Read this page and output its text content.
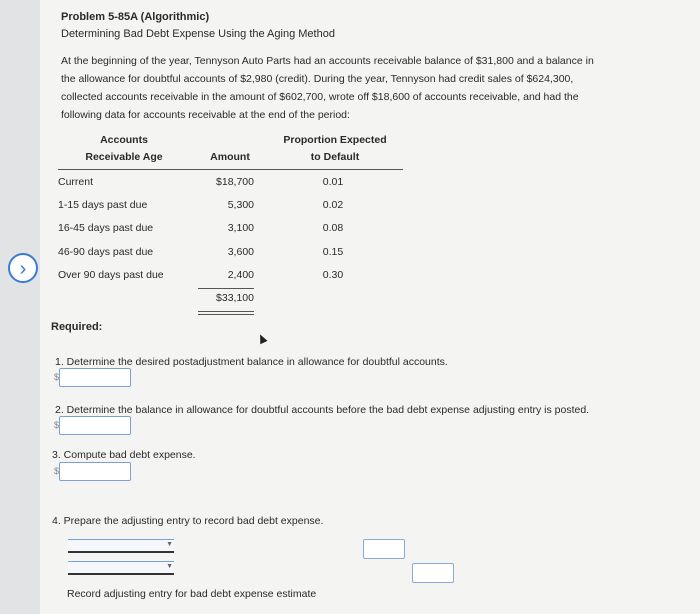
›
Problem 5-85A (Algorithmic)
Determining Bad Debt Expense Using the Aging Method
At the beginning of the year, Tennyson Auto Parts had an accounts receivable balance of $31,800 and a balance in
the allowance for doubtful accounts of $2,980 (credit). During the year, Tennyson had credit sales of $624,300,
collected accounts receivable in the amount of $602,700, wrote off $18,600 of accounts receivable, and had the
following data for accounts receivable at the end of the period:
Accounts
Receivable Age	Amount
Proportion Expected
to Default
Current	$18,700	0.01
1-15 days past due	5,300	0.02
16-45 days past due	3,100	0.08
46-90 days past due	3,600	0.15
Over 90 days past due	2,400	0.30
$33,100
Required:
1. Determine the desired postadjustment balance in allowance for doubtful accounts.
$
2. Determine the balance in allowance for doubtful accounts before the bad debt expense adjusting entry is posted.
$
3. Compute bad debt expense.
$
4. Prepare the adjusting entry to record bad debt expense.
▼
▼
Record adjusting entry for bad debt expense estimate
